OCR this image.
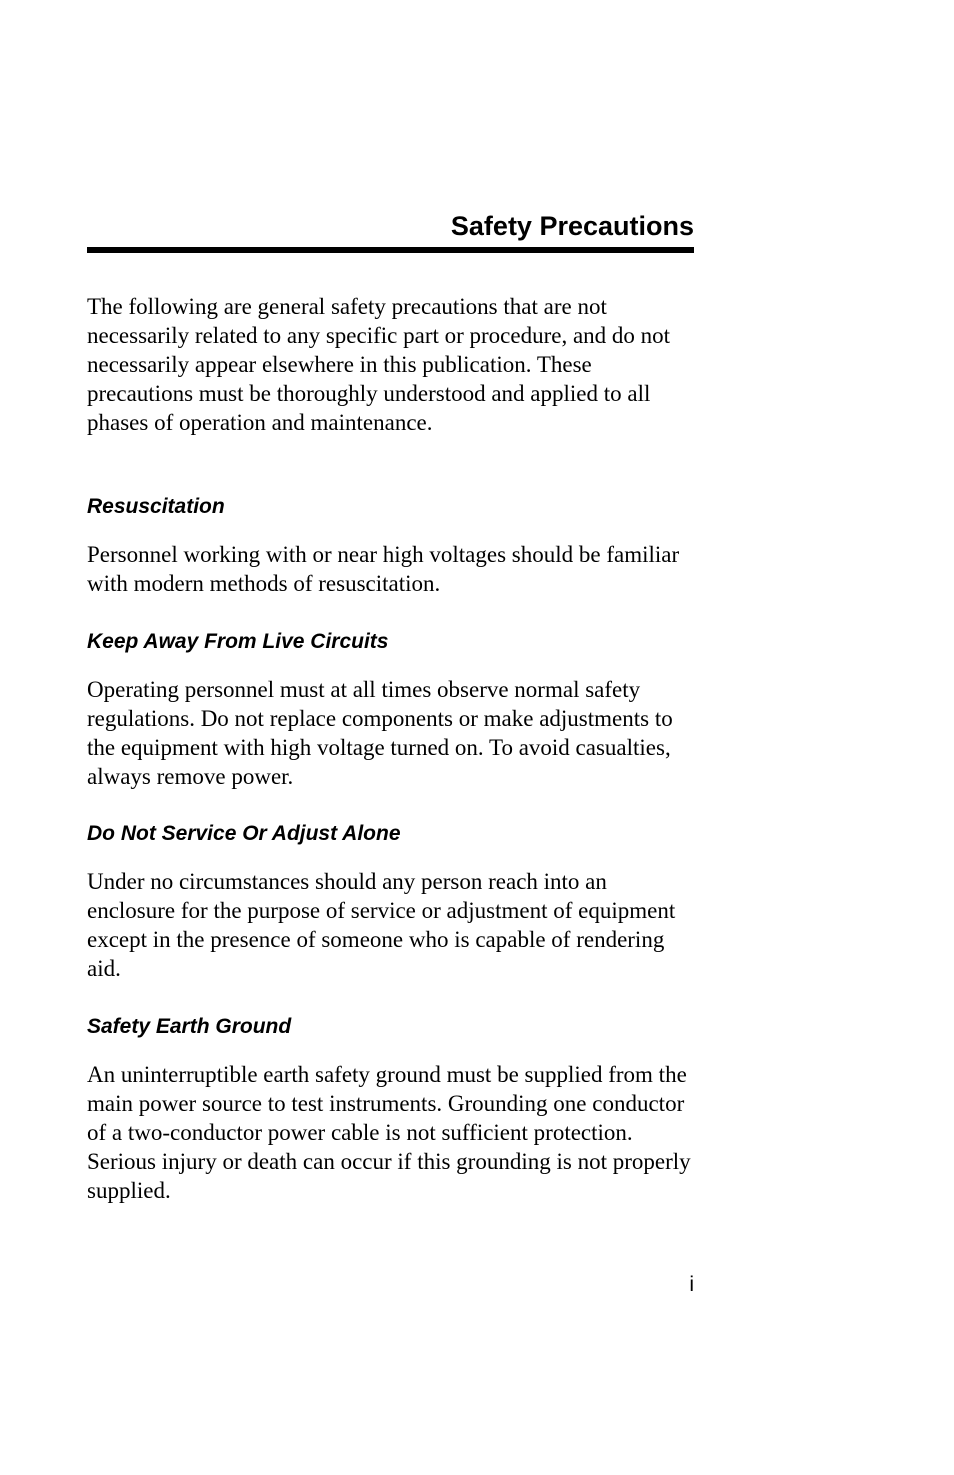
Safety Precautions

The following are general safety precautions that are not necessarily related to any specific part or procedure, and do not necessarily appear elsewhere in this publication. These precautions must be thoroughly understood and applied to all phases of operation and maintenance.

Resuscitation

Personnel working with or near high voltages should be familiar with modern methods of resuscitation.

Keep Away From Live Circuits

Operating personnel must at all times observe normal safety regulations. Do not replace components or make adjustments to the equipment with high voltage turned on. To avoid casualties, always remove power.

Do Not Service Or Adjust Alone

Under no circumstances should any person reach into an enclosure for the purpose of service or adjustment of equipment except in the presence of someone who is capable of rendering aid.

Safety Earth Ground

An uninterruptible earth safety ground must be supplied from the main power source to test instruments. Grounding one conductor of a two-conductor power cable is not sufficient protection. Serious injury or death can occur if this grounding is not properly supplied.

i
